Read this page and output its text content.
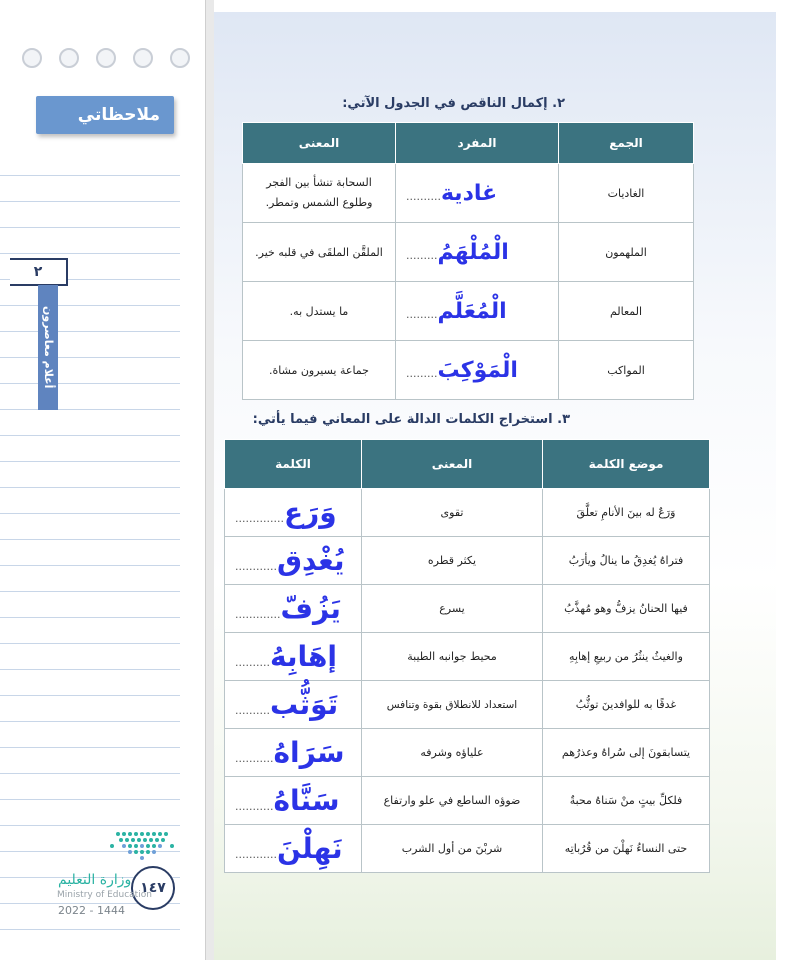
ملاحظاتي
٢
أعلام معاصرون
١٤٧
وزارة التعليم
Ministry of Education
2022 - 1444
٢. إكمال الناقص في الجدول الآتي:
الجمع	المفرد	المعنى
الغاديات	غادية..........	السحابة تنشأ بين الفجر وطلوع الشمس وتمطر.
الملهمون	الْمُلْهَمُ.........	الملقَّن الملقَى في قلبه خير.
المعالم	الْمُعَلَّم.........	ما يستدل به.
المواكب	الْمَوْكِبَ.........	جماعة يسيرون مشاة.
٣. استخراج الكلمات الدالة على المعاني فيما يأتي:
موضع الكلمة	المعنى	الكلمة
وَرَعٌ له بينَ الأنامِ تعلَّقَ	تقوى	وَرَع..............
فتراهُ يُغدِقُ ما ينالُ ويأرَبُ	يكثر قطره	يُغْدِق............
فيها الحنانُ يزفُّ وهو مُهذَّبُ	يسرع	يَزُفّ.............
والغيثُ ينثُرُ من ربيعِ إهابِهِ	محيط جوانبه الطيبة	إهَابِهُ..........
غدقًا به للوافدينَ توثُّبُ	استعداد للانطلاق بقوة وتنافس	تَوَثُّب..........
يتسابقونَ إلى سُراهُ وعذرُهم	علياؤه وشرفه	سَرَاهُ...........
فلكلِّ بيتٍ منْ سَناهُ محبةٌ	ضوؤه الساطع في علو وارتفاع	سَنَّاهُ...........
حتى النساءُ نَهلْنَ من قُرُباتِه	شربْنَ من أول الشرب	نَهِلْنَ............
